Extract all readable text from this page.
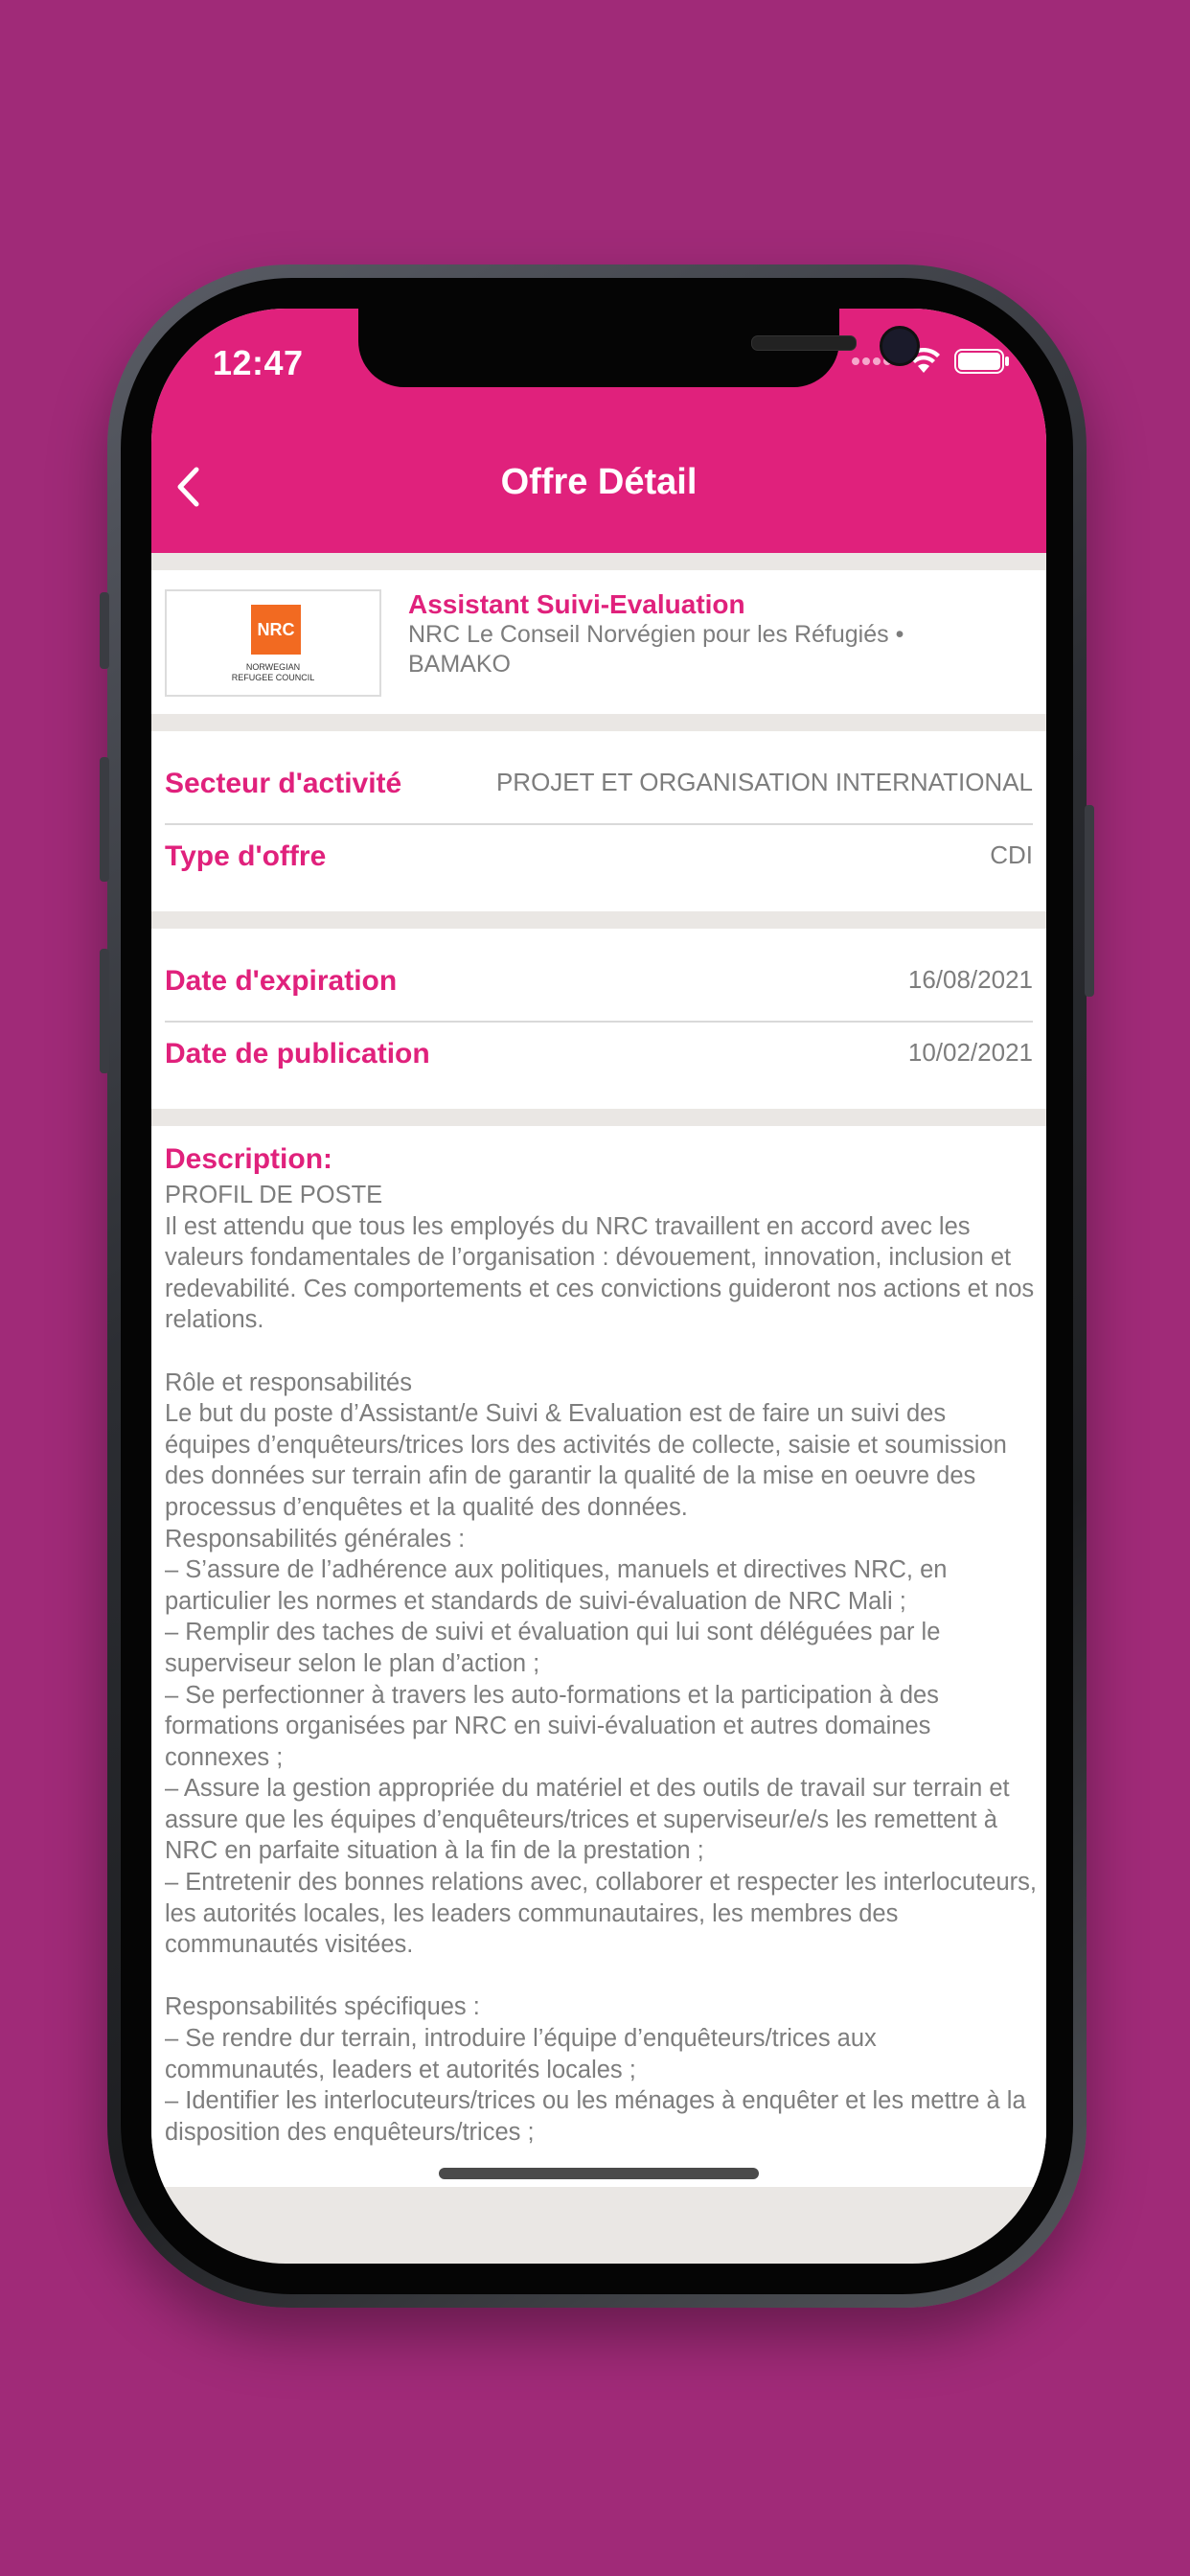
12:47
Offre Détail
NRC
NORWEGIAN
REFUGEE COUNCIL
Assistant Suivi-Evaluation
NRC Le Conseil Norvégien pour les Réfugiés • BAMAKO
Secteur d'activité	PROJET ET ORGANISATION INTERNATIONAL
Type d'offre	CDI
Date d'expiration	16/08/2021
Date de publication	10/02/2021
Description:
PROFIL DE POSTE
Il est attendu que tous les employés du NRC travaillent en accord avec les valeurs fondamentales de l’organisation : dévouement, innovation, inclusion et redevabilité. Ces comportements et ces convictions guideront nos actions et nos relations.

Rôle et responsabilités
Le but du poste d’Assistant/e Suivi & Evaluation est de faire un suivi des équipes d’enquêteurs/trices lors des activités de collecte, saisie et soumission des données sur terrain afin de garantir la qualité de la mise en oeuvre des processus d’enquêtes et la qualité des données.
Responsabilités générales :
– S’assure de l’adhérence aux politiques, manuels et directives NRC, en particulier les normes et standards de suivi-évaluation de NRC Mali ;
– Remplir des taches de suivi et évaluation qui lui sont déléguées par le superviseur selon le plan d’action ;
– Se perfectionner à travers les auto-formations et la participation à des formations organisées par NRC en suivi-évaluation et autres domaines connexes ;
– Assure la gestion appropriée du matériel et des outils de travail sur terrain et assure que les équipes d’enquêteurs/trices et superviseur/e/s les remettent à NRC en parfaite situation à la fin de la prestation ;
– Entretenir des bonnes relations avec, collaborer et respecter les interlocuteurs, les autorités locales, les leaders communautaires, les membres des communautés visitées.

Responsabilités spécifiques :
– Se rendre dur terrain, introduire l’équipe d’enquêteurs/trices aux communautés, leaders et autorités locales ;
– Identifier les interlocuteurs/trices ou les ménages à enquêter et les mettre à la disposition des enquêteurs/trices ;
